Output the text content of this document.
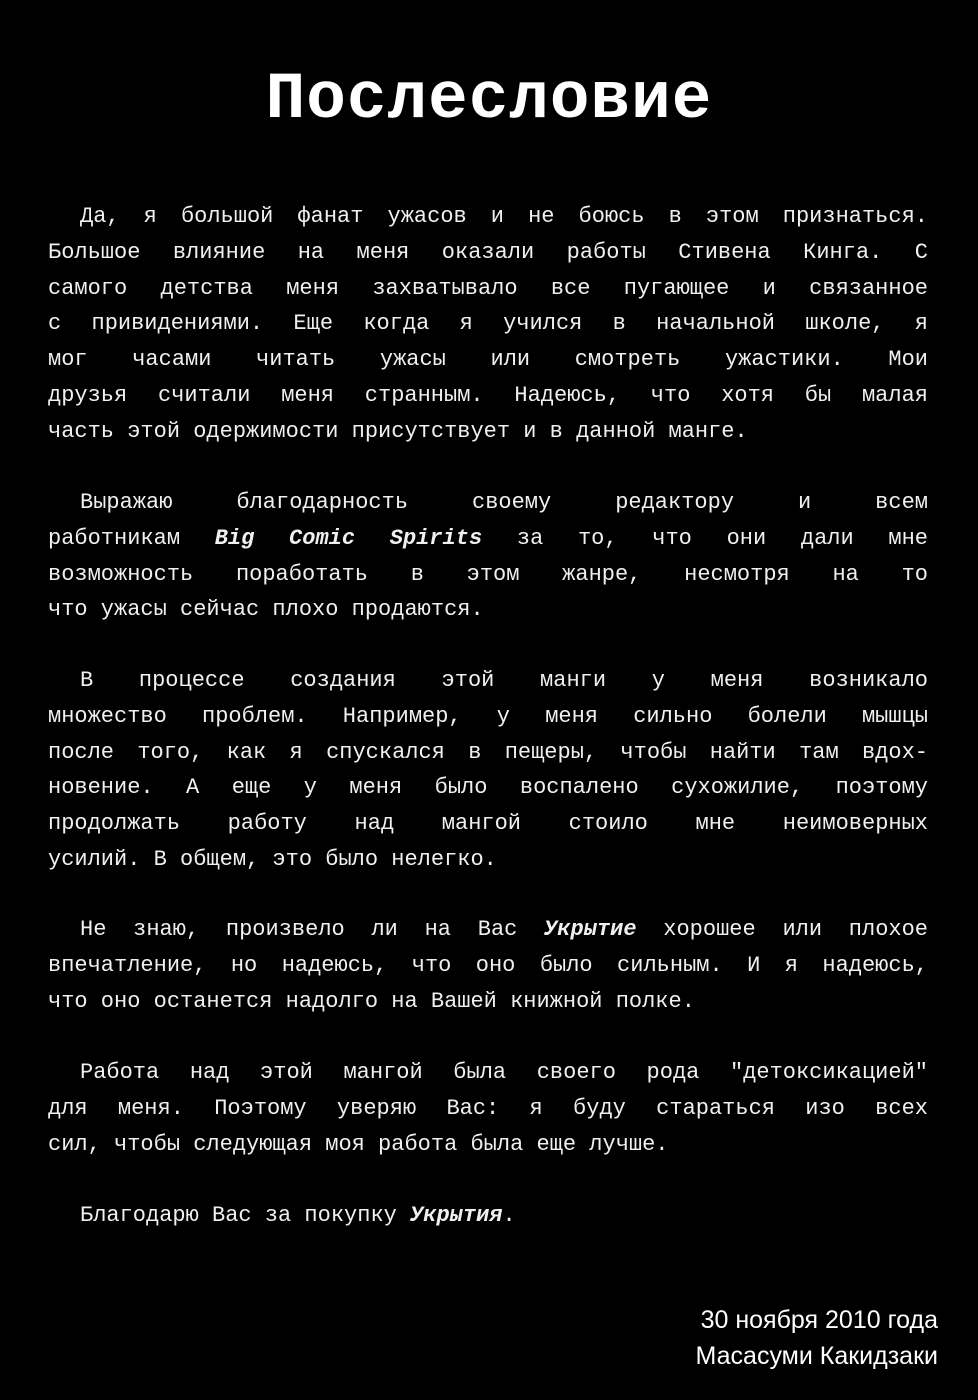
Послесловие
Да, я большой фанат ужасов и не боюсь в этом признаться.
Большое влияние на меня оказали работы Стивена Кинга. С
самого детства меня захватывало все пугающее и связанное
с привидениями. Еще когда я учился в начальной школе, я
мог часами читать ужасы или смотреть ужастики. Мои
друзья считали меня странным. Надеюсь, что хотя бы малая
часть этой одержимости присутствует и в данной манге.
Выражаю благодарность своему редактору и всем
работникам Big Comic Spirits за то, что они дали мне
возможность поработать в этом жанре, несмотря на то
что ужасы сейчас плохо продаются.
В процессе создания этой манги у меня возникало
множество проблем. Например, у меня сильно болели мышцы
после того, как я спускался в пещеры, чтобы найти там вдох-
новение. А еще у меня было воспалено сухожилие, поэтому
продолжать работу над мангой стоило мне неимоверных
усилий. В общем, это было нелегко.
Не знаю, произвело ли на Вас Укрытие хорошее или плохое
впечатление, но надеюсь, что оно было сильным. И я надеюсь,
что оно останется надолго на Вашей книжной полке.
Работа над этой мангой была своего рода "детоксикацией"
для меня. Поэтому уверяю Вас: я буду стараться изо всех
сил, чтобы следующая моя работа была еще лучше.
Благодарю Вас за покупку Укрытия.
30 ноября 2010 года
Масасуми Какидзаки
